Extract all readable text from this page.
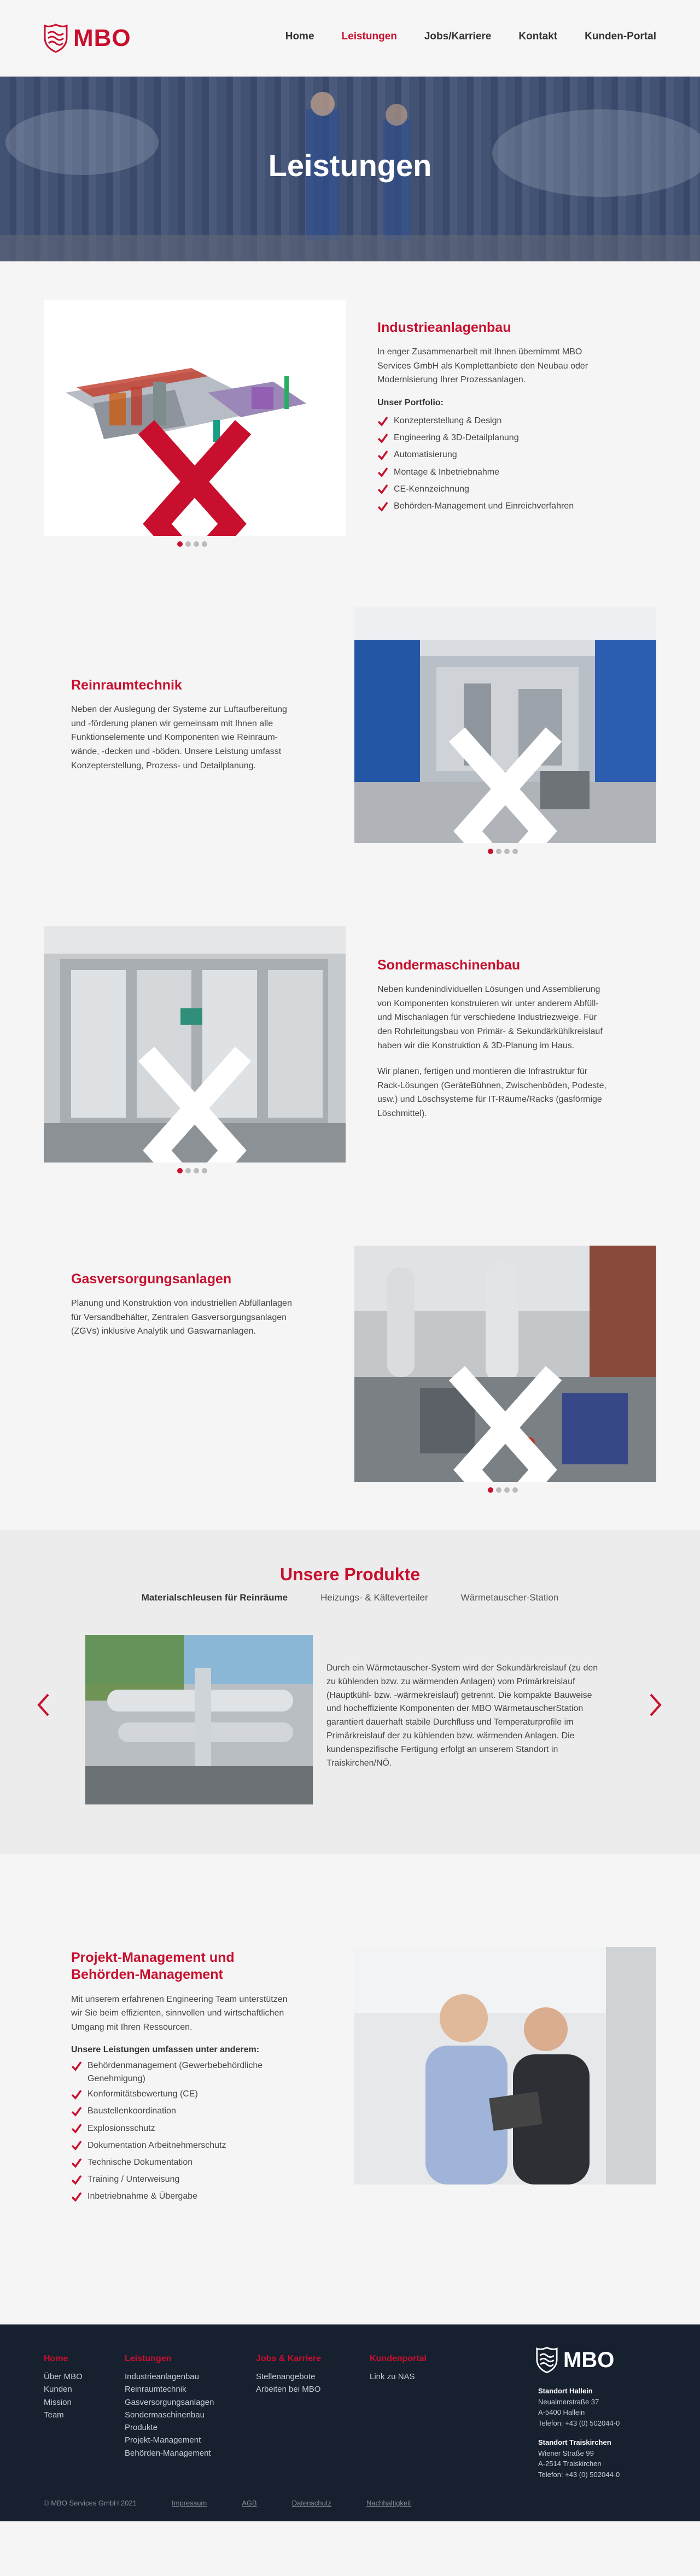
MBO	Home	Leistungen	Jobs/Karriere	Kontakt	Kunden-Portal
Leistungen
Industrieanlagenbau

In enger Zusammenarbeit mit Ihnen übernimmt MBO Services GmbH als Komplettanbiete den Neubau oder Modernisierung Ihrer Prozessanlagen.

Unser Portfolio:
Konzepterstellung & Design
Engineering & 3D-Detailplanung
Automatisierung
Montage & Inbetriebnahme
CE-Kennzeichnung
Behörden-Management und Einreichverfahren
Reinraumtechnik

Neben der Auslegung der Systeme zur Luftaufbereitung und -förderung planen wir gemeinsam mit Ihnen alle Funktionselemente und Komponenten wie Reinraum-wände, -decken und -böden. Unsere Leistung umfasst Konzepterstellung, Prozess- und Detailplanung.

Sondermaschinenbau

Neben kundenindividuellen Lösungen und Assemblierung von Komponenten konstruieren wir unter anderem Abfüll- und Mischanlagen für verschiedene Industriezweige. Für den Rohrleitungsbau von Primär- & Sekundärkühlkreislauf haben wir die Konstruktion & 3D-Planung im Haus.

Wir planen, fertigen und montieren die Infrastruktur für Rack-Lösungen (GeräteBühnen, Zwischenböden, Podeste, usw.) und Löschsysteme für IT-Räume/Racks (gasförmige Löschmittel).

Gasversorgungsanlagen

Planung und Konstruktion von industriellen Abfüllanlagen für Versandbehälter, Zentralen Gasversorgungsanlagen (ZGVs) inklusive Analytik und Gaswarnanlagen.

Unsere Produkte
Materialschleusen für Reinräume	Heizungs- & Kälteverteiler	Wärmetauscher-Station

Durch ein Wärmetauscher-System wird der Sekundärkreislauf (zu den zu kühlenden bzw. zu wärmenden Anlagen) vom Primärkreislauf (Hauptkühl- bzw. -wärmekreislauf) getrennt. Die kompakte Bauweise und hocheffiziente Komponenten der MBO WärmetauscherStation garantiert dauerhaft stabile Durchfluss und Temperaturprofile im Primärkreislauf der zu kühlenden bzw. wärmenden Anlagen. Die kundenspezifische Fertigung erfolgt an unserem Standort in Traiskirchen/NÖ.

Projekt-Management und Behörden-Management

Mit unserem erfahrenen Engineering Team unterstützen wir Sie beim effizienten, sinnvollen und wirtschaftlichen Umgang mit Ihren Ressourcen.

Unsere Leistungen umfassen unter anderem:
Behördenmanagement (Gewerbebehördliche Genehmigung)
Konformitätsbewertung (CE)
Baustellenkoordination
Explosionsschutz
Dokumentation Arbeitnehmerschutz
Technische Dokumentation
Training / Unterweisung
Inbetriebnahme & Übergabe
Home
Über MBO
Kunden
Mission
Team
Leistungen
Industrieanlagenbau
Reinraumtechnik
Gasversorgungsanlagen
Sondermaschinenbau
Produkte
Projekt-Management
Behörden-Management
Jobs & Karriere
Stellenangebote
Arbeiten bei MBO
Kundenportal
Link zu NAS
MBO
Standort Hallein
Neualmerstraße 37
A-5400 Hallein
Telefon: +43 (0) 502044-0
Standort Traiskirchen
Wiener Straße 99
A-2514 Traiskirchen
Telefon: +43 (0) 502044-0
© MBO Services GmbH 2021	Impressum	AGB	Datenschutz	Nachhaltigkeit
